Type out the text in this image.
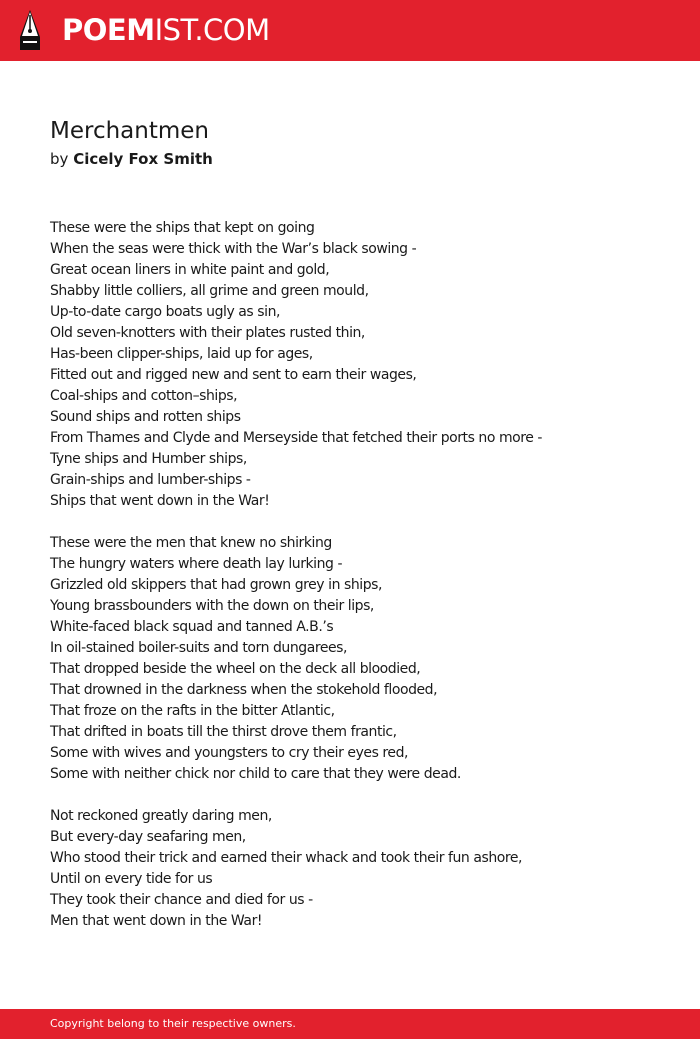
POEMIST.COM
Merchantmen
by Cicely Fox Smith
These were the ships that kept on going
When the seas were thick with the War’s black sowing -
Great ocean liners in white paint and gold,
Shabby little colliers, all grime and green mould,
Up-to-date cargo boats ugly as sin,
Old seven-knotters with their plates rusted thin,
Has-been clipper-ships, laid up for ages,
Fitted out and rigged new and sent to earn their wages,
Coal-ships and cotton–ships,
Sound ships and rotten ships
From Thames and Clyde and Merseyside that fetched their ports no more -
Tyne ships and Humber ships,
Grain-ships and lumber-ships -
Ships that went down in the War!
These were the men that knew no shirking
The hungry waters where death lay lurking -
Grizzled old skippers that had grown grey in ships,
Young brassbounders with the down on their lips,
White-faced black squad and tanned A.B.’s
In oil-stained boiler-suits and torn dungarees,
That dropped beside the wheel on the deck all bloodied,
That drowned in the darkness when the stokehold flooded,
That froze on the rafts in the bitter Atlantic,
That drifted in boats till the thirst drove them frantic,
Some with wives and youngsters to cry their eyes red,
Some with neither chick nor child to care that they were dead.
Not reckoned greatly daring men,
But every-day seafaring men,
Who stood their trick and earned their whack and took their fun ashore,
Until on every tide for us
They took their chance and died for us -
Men that went down in the War!
Copyright belong to their respective owners.
